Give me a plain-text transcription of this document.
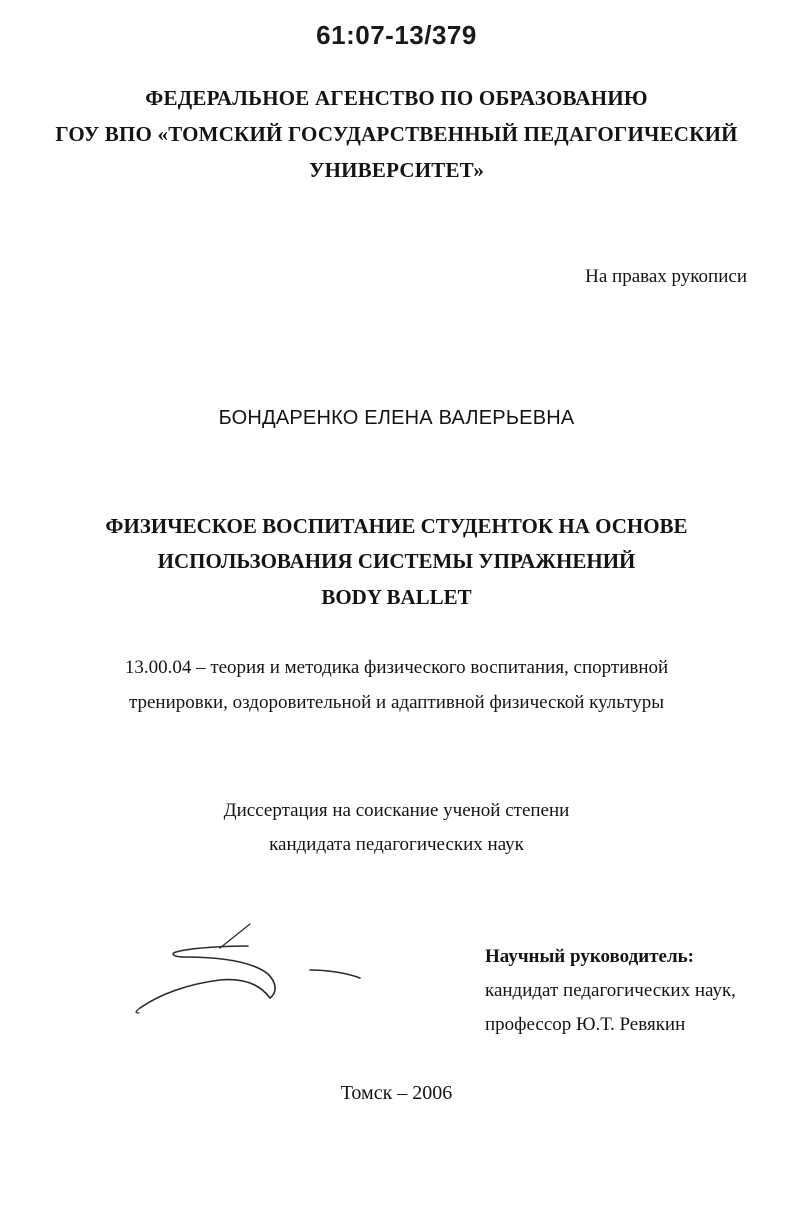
61:07-13/379
ФЕДЕРАЛЬНОЕ АГЕНСТВО ПО ОБРАЗОВАНИЮ
ГОУ ВПО «ТОМСКИЙ ГОСУДАРСТВЕННЫЙ ПЕДАГОГИЧЕСКИЙ
УНИВЕРСИТЕТ»
На правах рукописи
БОНДАРЕНКО ЕЛЕНА ВАЛЕРЬЕВНА
ФИЗИЧЕСКОЕ ВОСПИТАНИЕ СТУДЕНТОК НА ОСНОВЕ
ИСПОЛЬЗОВАНИЯ СИСТЕМЫ УПРАЖНЕНИЙ
BODY BALLET
13.00.04 – теория и методика физического воспитания, спортивной
тренировки, оздоровительной и адаптивной физической культуры
Диссертация на соискание ученой степени
кандидата педагогических наук
Научный руководитель:
кандидат педагогических наук,
профессор Ю.Т. Ревякин
Томск – 2006
